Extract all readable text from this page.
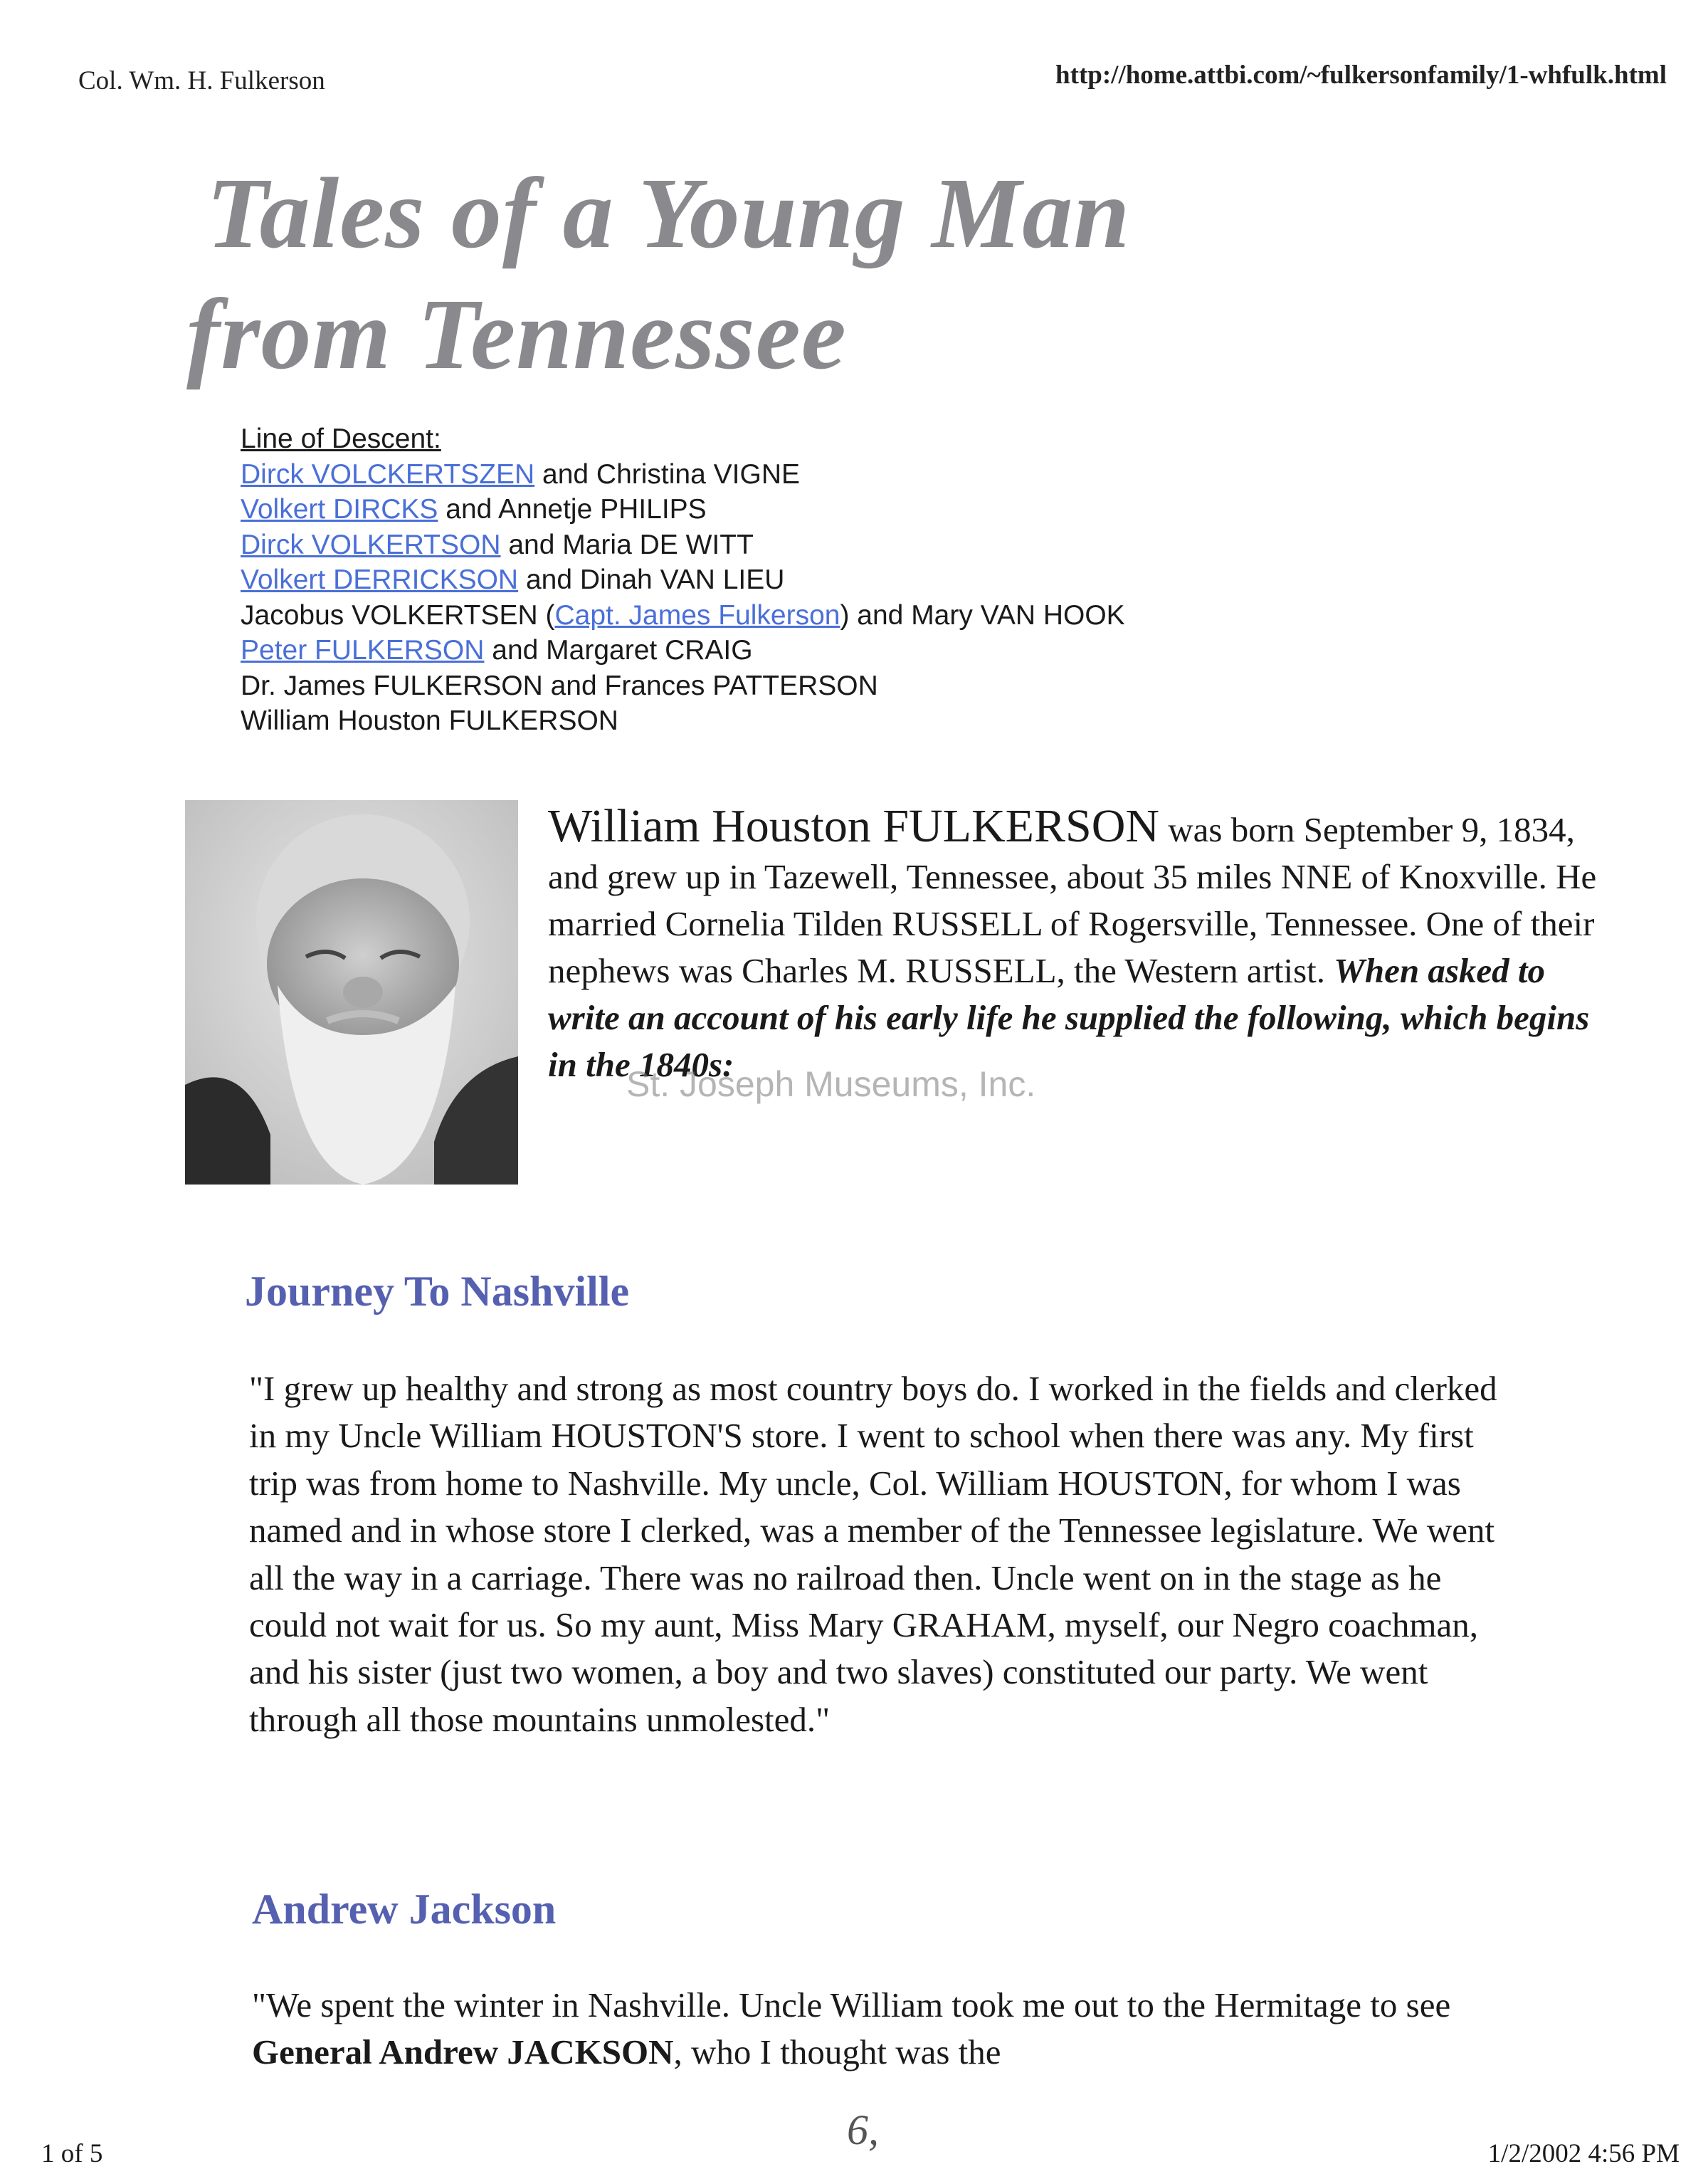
Col. Wm. H. Fulkerson	http://home.attbi.com/~fulkersonfamily/1-whfulk.html
Tales of a Young Man
from Tennessee
Line of Descent:
Dirck VOLCKERTSZEN and Christina VIGNE
Volkert DIRCKS and Annetje PHILIPS
Dirck VOLKERTSON and Maria DE WITT
Volkert DERRICKSON and Dinah VAN LIEU
Jacobus VOLKERTSEN (Capt. James Fulkerson) and Mary VAN HOOK
Peter FULKERSON and Margaret CRAIG
Dr. James FULKERSON and Frances PATTERSON
William Houston FULKERSON
William Houston FULKERSON was born September 9, 1834, and grew up in Tazewell, Tennessee, about 35 miles NNE of Knoxville. He married Cornelia Tilden RUSSELL of Rogersville, Tennessee. One of their nephews was Charles M. RUSSELL, the Western artist. When asked to write an account of his early life he supplied the following, which begins in the 1840s:
St. Joseph Museums, Inc.
Journey To Nashville
"I grew up healthy and strong as most country boys do. I worked in the fields and clerked in my Uncle William HOUSTON'S store. I went to school when there was any. My first trip was from home to Nashville. My uncle, Col. William HOUSTON, for whom I was named and in whose store I clerked, was a member of the Tennessee legislature. We went all the way in a carriage. There was no railroad then. Uncle went on in the stage as he could not wait for us. So my aunt, Miss Mary GRAHAM, myself, our Negro coachman, and his sister (just two women, a boy and two slaves) constituted our party. We went through all those mountains unmolested."
Andrew Jackson
"We spent the winter in Nashville. Uncle William took me out to the Hermitage to see General Andrew JACKSON, who I thought was the
6,
1 of 5	1/2/2002 4:56 PM
